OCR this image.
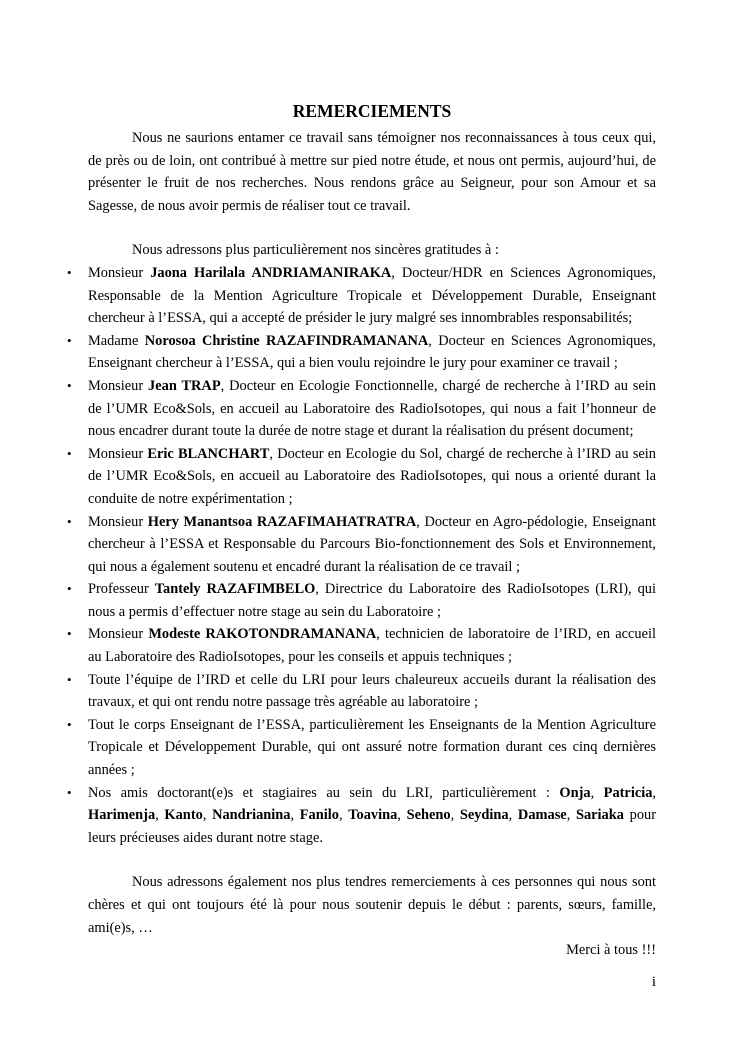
REMERCIEMENTS

Nous ne saurions entamer ce travail sans témoigner nos reconnaissances à tous ceux qui, de près ou de loin, ont contribué à mettre sur pied notre étude, et nous ont permis, aujourd’hui, de présenter le fruit de nos recherches. Nous rendons grâce au Seigneur, pour son Amour et sa Sagesse, de nous avoir permis de réaliser tout ce travail.

Nous adressons plus particulièrement nos sincères gratitudes à :

• Monsieur Jaona Harilala ANDRIAMANIRAKA, Docteur/HDR en Sciences Agronomiques, Responsable de la Mention Agriculture Tropicale et Développement Durable, Enseignant chercheur à l’ESSA, qui a accepté de présider le jury malgré ses innombrables responsabilités;
• Madame Norosoa Christine RAZAFINDRAMANANA, Docteur en Sciences Agronomiques, Enseignant chercheur à l’ESSA, qui a bien voulu rejoindre le jury pour examiner ce travail ;
• Monsieur Jean TRAP, Docteur en Ecologie Fonctionnelle, chargé de recherche à l’IRD au sein de l’UMR Eco&Sols, en accueil au Laboratoire des RadioIsotopes, qui nous a fait l’honneur de nous encadrer durant toute la durée de notre stage et durant la réalisation du présent document;
• Monsieur Eric BLANCHART, Docteur en Ecologie du Sol, chargé de recherche à l’IRD au sein de l’UMR Eco&Sols, en accueil au Laboratoire des RadioIsotopes, qui nous a orienté durant la conduite de notre expérimentation ;
• Monsieur Hery Manantsoa RAZAFIMAHATRATRA, Docteur en Agro-pédologie, Enseignant chercheur à l’ESSA et Responsable du Parcours Bio-fonctionnement des Sols et Environnement, qui nous a également soutenu et encadré durant la réalisation de ce travail ;
• Professeur Tantely RAZAFIMBELO, Directrice du Laboratoire des RadioIsotopes (LRI), qui nous a permis d’effectuer notre stage au sein du Laboratoire ;
• Monsieur Modeste RAKOTONDRAMANANA, technicien de laboratoire de l’IRD, en accueil au Laboratoire des RadioIsotopes, pour les conseils et appuis techniques ;
• Toute l’équipe de l’IRD et celle du LRI pour leurs chaleureux accueils durant la réalisation des travaux, et qui ont rendu notre passage très agréable au laboratoire ;
• Tout le corps Enseignant de l’ESSA, particulièrement les Enseignants de la Mention Agriculture Tropicale et Développement Durable, qui ont assuré notre formation durant ces cinq dernières années ;
• Nos amis doctorant(e)s et stagiaires au sein du LRI, particulièrement : Onja, Patricia, Harimenja, Kanto, Nandrianina, Fanilo, Toavina, Seheno, Seydina, Damase, Sariaka pour leurs précieuses aides durant notre stage.

Nous adressons également nos plus tendres remerciements à ces personnes qui nous sont chères et qui ont toujours été là pour nous soutenir depuis le début : parents, sœurs, famille, ami(e)s, …

Merci à tous !!!

i
